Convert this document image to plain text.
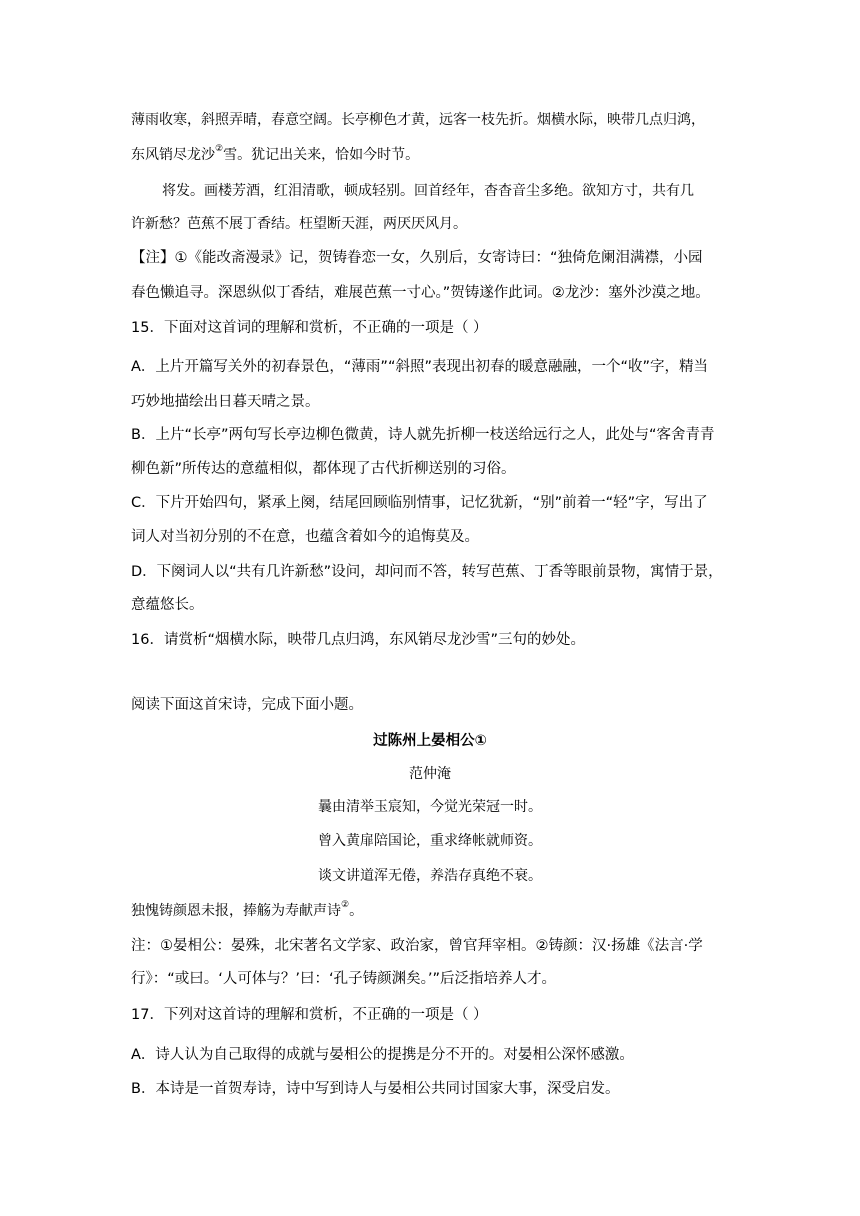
薄雨收寒，斜照弄晴，春意空阔。长亭柳色才黄，远客一枝先折。烟横水际，映带几点归鸿，
东风销尽龙沙②雪。犹记出关来，恰如今时节。
将发。画楼芳酒，红泪清歌，顿成轻别。回首经年，杳杳音尘多绝。欲知方寸，共有几
许新愁？芭蕉不展丁香结。枉望断天涯，两厌厌风月。
【注】①《能改斋漫录》记，贺铸眷恋一女，久别后，女寄诗曰：“独倚危阑泪满襟，小园
春色懒追寻。深恩纵似丁香结，难展芭蕉一寸心。”贺铸遂作此词。②龙沙：塞外沙漠之地。
15．下面对这首词的理解和赏析，不正确的一项是（ ）
A．上片开篇写关外的初春景色，“薄雨”“斜照”表现出初春的暖意融融，一个“收”字，精当
巧妙地描绘出日暮天晴之景。
B．上片“长亭”两句写长亭边柳色微黄，诗人就先折柳一枝送给远行之人，此处与“客舍青青
柳色新”所传达的意蕴相似，都体现了古代折柳送别的习俗。
C．下片开始四句，紧承上阕，结尾回顾临别情事，记忆犹新，“别”前着一“轻”字，写出了
词人对当初分别的不在意，也蕴含着如今的追悔莫及。
D．下阕词人以“共有几许新愁”设问，却问而不答，转写芭蕉、丁香等眼前景物，寓情于景，
意蕴悠长。
16．请赏析“烟横水际，映带几点归鸿，东风销尽龙沙雪”三句的妙处。
阅读下面这首宋诗，完成下面小题。
过陈州上晏相公①
范仲淹
曩由清举玉宸知，今觉光荣冠一时。
曾入黄扉陪国论，重求绛帐就师资。
谈文讲道浑无倦，养浩存真绝不衰。
独愧铸颜恩未报，捧觞为寿献声诗②。
注：①晏相公：晏殊，北宋著名文学家、政治家，曾官拜宰相。②铸颜：汉·扬雄《法言·学
行》：“或曰。‘人可体与？’曰：‘孔子铸颜渊矣。’”后泛指培养人才。
17．下列对这首诗的理解和赏析，不正确的一项是（ ）
A．诗人认为自己取得的成就与晏相公的提携是分不开的。对晏相公深怀感激。
B．本诗是一首贺寿诗，诗中写到诗人与晏相公共同讨国家大事，深受启发。
